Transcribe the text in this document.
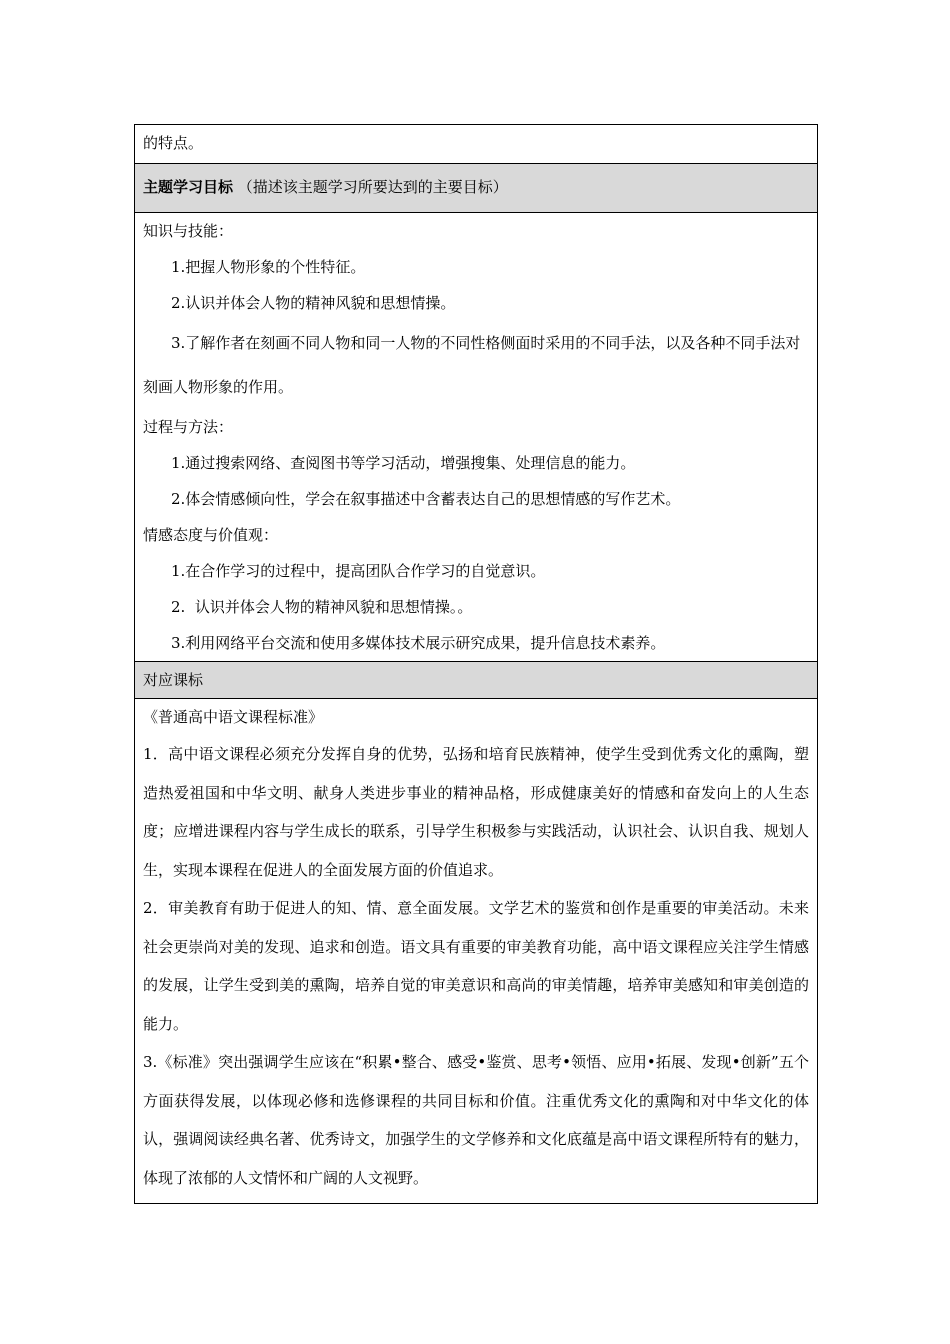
的特点。

主题学习目标 （描述该主题学习所要达到的主要目标）

知识与技能：
1.把握人物形象的个性特征。
2.认识并体会人物的精神风貌和思想情操。
3.了解作者在刻画不同人物和同一人物的不同性格侧面时采用的不同手法，以及各种不同手法对刻画人物形象的作用。
过程与方法：
1.通过搜索网络、查阅图书等学习活动，增强搜集、处理信息的能力。
2.体会情感倾向性，学会在叙事描述中含蓄表达自己的思想情感的写作艺术。
情感态度与价值观：
1.在合作学习的过程中，提高团队合作学习的自觉意识。
2.  认识并体会人物的精神风貌和思想情操。。
3.利用网络平台交流和使用多媒体技术展示研究成果，提升信息技术素养。

对应课标

《普通高中语文课程标准》
1．高中语文课程必须充分发挥自身的优势，弘扬和培育民族精神，使学生受到优秀文化的熏陶，塑造热爱祖国和中华文明、献身人类进步事业的精神品格，形成健康美好的情感和奋发向上的人生态度；应增进课程内容与学生成长的联系，引导学生积极参与实践活动，认识社会、认识自我、规划人生，实现本课程在促进人的全面发展方面的价值追求。
2．审美教育有助于促进人的知、情、意全面发展。文学艺术的鉴赏和创作是重要的审美活动。未来社会更崇尚对美的发现、追求和创造。语文具有重要的审美教育功能，高中语文课程应关注学生情感的发展，让学生受到美的熏陶，培养自觉的审美意识和高尚的审美情趣，培养审美感知和审美创造的能力。
3.《标准》突出强调学生应该在“积累•整合、感受•鉴赏、思考•领悟、应用•拓展、发现•创新”五个方面获得发展，以体现必修和选修课程的共同目标和价值。注重优秀文化的熏陶和对中华文化的体认，强调阅读经典名著、优秀诗文，加强学生的文学修养和文化底蕴是高中语文课程所特有的魅力，体现了浓郁的人文情怀和广阔的人文视野。
